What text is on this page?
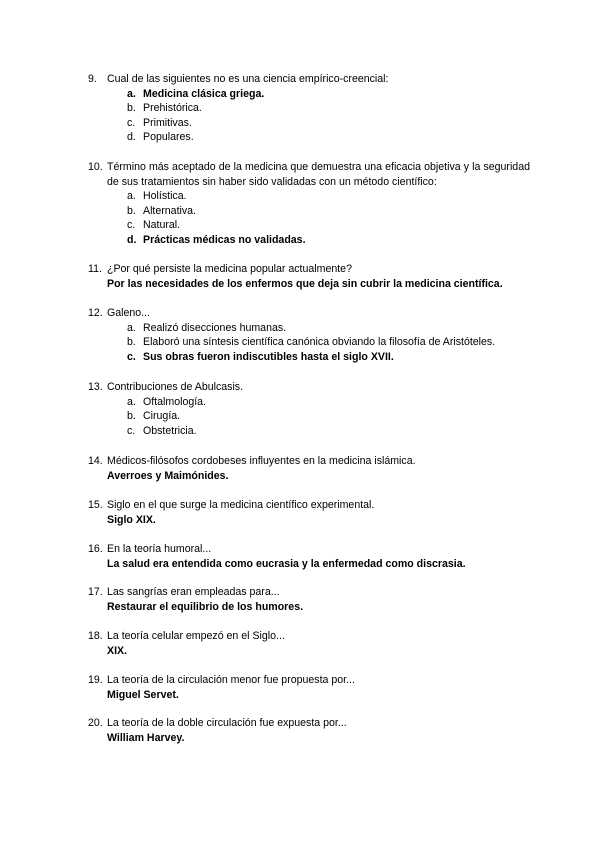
9. Cual de las siguientes no es una ciencia empírico-creencial:
a. Medicina clásica griega.
b. Prehistórica.
c. Primitivas.
d. Populares.
10. Término más aceptado de la medicina que demuestra una eficacia objetiva y la seguridad de sus tratamientos sin haber sido validadas con un método científico:
a. Holística.
b. Alternativa.
c. Natural.
d. Prácticas médicas no validadas.
11. ¿Por qué persiste la medicina popular actualmente?
Por las necesidades de los enfermos que deja sin cubrir la medicina científica.
12. Galeno...
a. Realizó disecciones humanas.
b. Elaboró una síntesis científica canónica obviando la filosofía de Aristóteles.
c. Sus obras fueron indiscutibles hasta el siglo XVII.
13. Contribuciones de Abulcasis.
a. Oftalmología.
b. Cirugía.
c. Obstetricia.
14. Médicos-filósofos cordobeses influyentes en la medicina islámica.
Averroes y Maimónides.
15. Siglo en el que surge la medicina científico experimental.
Siglo XIX.
16. En la teoría humoral...
La salud era entendida como eucrasia y la enfermedad como discrasia.
17. Las sangrías eran empleadas para...
Restaurar el equilibrio de los humores.
18. La teoría celular empezó en el Siglo...
XIX.
19. La teoría de la circulación menor fue propuesta por...
Miguel Servet.
20. La teoría de la doble circulación fue expuesta por...
William Harvey.
